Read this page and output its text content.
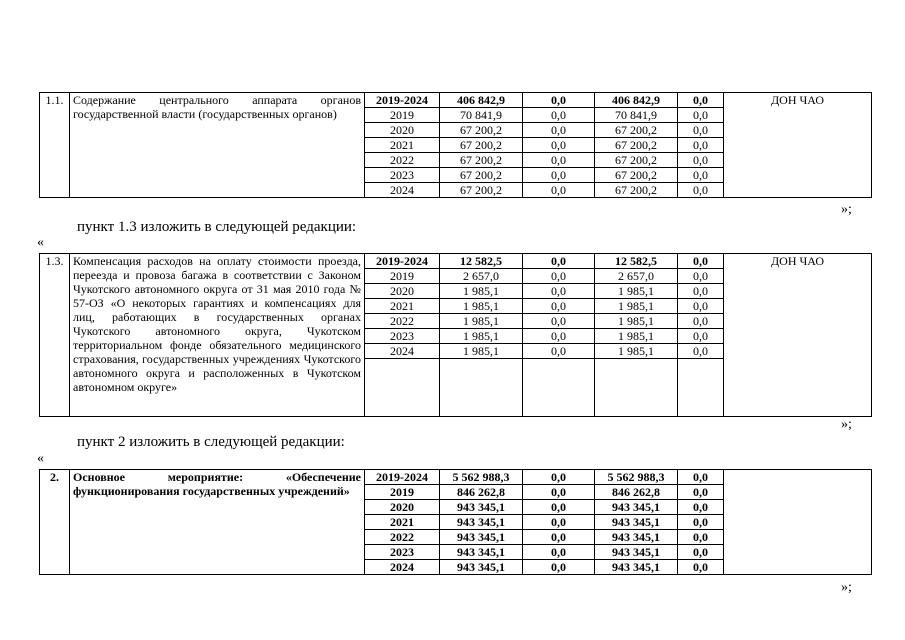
1.1.	Содержание центрального аппарата органов государственной власти (государственных органов)	2019-2024	406 842,9	0,0	406 842,9	0,0	ДОН ЧАО
		2019	70 841,9	0,0	70 841,9	0,0	
		2020	67 200,2	0,0	67 200,2	0,0	
		2021	67 200,2	0,0	67 200,2	0,0	
		2022	67 200,2	0,0	67 200,2	0,0	
		2023	67 200,2	0,0	67 200,2	0,0	
		2024	67 200,2	0,0	67 200,2	0,0	
»;
пункт 1.3 изложить в следующей редакции:
«
1.3.	Компенсация расходов на оплату стоимости проезда, переезда и провоза багажа в соответствии с Законом Чукотского автономного округа от 31 мая 2010 года № 57-ОЗ «О некоторых гарантиях и компенсациях для лиц, работающих в государственных органах Чукотского автономного округа, Чукотском территориальном фонде обязательного медицинского страхования, государственных учреждениях Чукотского автономного округа и расположенных в Чукотском автономном округе»	2019-2024	12 582,5	0,0	12 582,5	0,0	ДОН ЧАО
		2019	2 657,0	0,0	2 657,0	0,0	
		2020	1 985,1	0,0	1 985,1	0,0	
		2021	1 985,1	0,0	1 985,1	0,0	
		2022	1 985,1	0,0	1 985,1	0,0	
		2023	1 985,1	0,0	1 985,1	0,0	
		2024	1 985,1	0,0	1 985,1	0,0	

»;
пункт 2 изложить в следующей редакции:
«
2.	Основное мероприятие: «Обеспечение функционирования государственных учреждений»	2019-2024	5 562 988,3	0,0	5 562 988,3	0,0	
		2019	846 262,8	0,0	846 262,8	0,0	
		2020	943 345,1	0,0	943 345,1	0,0	
		2021	943 345,1	0,0	943 345,1	0,0	
		2022	943 345,1	0,0	943 345,1	0,0	
		2023	943 345,1	0,0	943 345,1	0,0	
		2024	943 345,1	0,0	943 345,1	0,0	
»;
